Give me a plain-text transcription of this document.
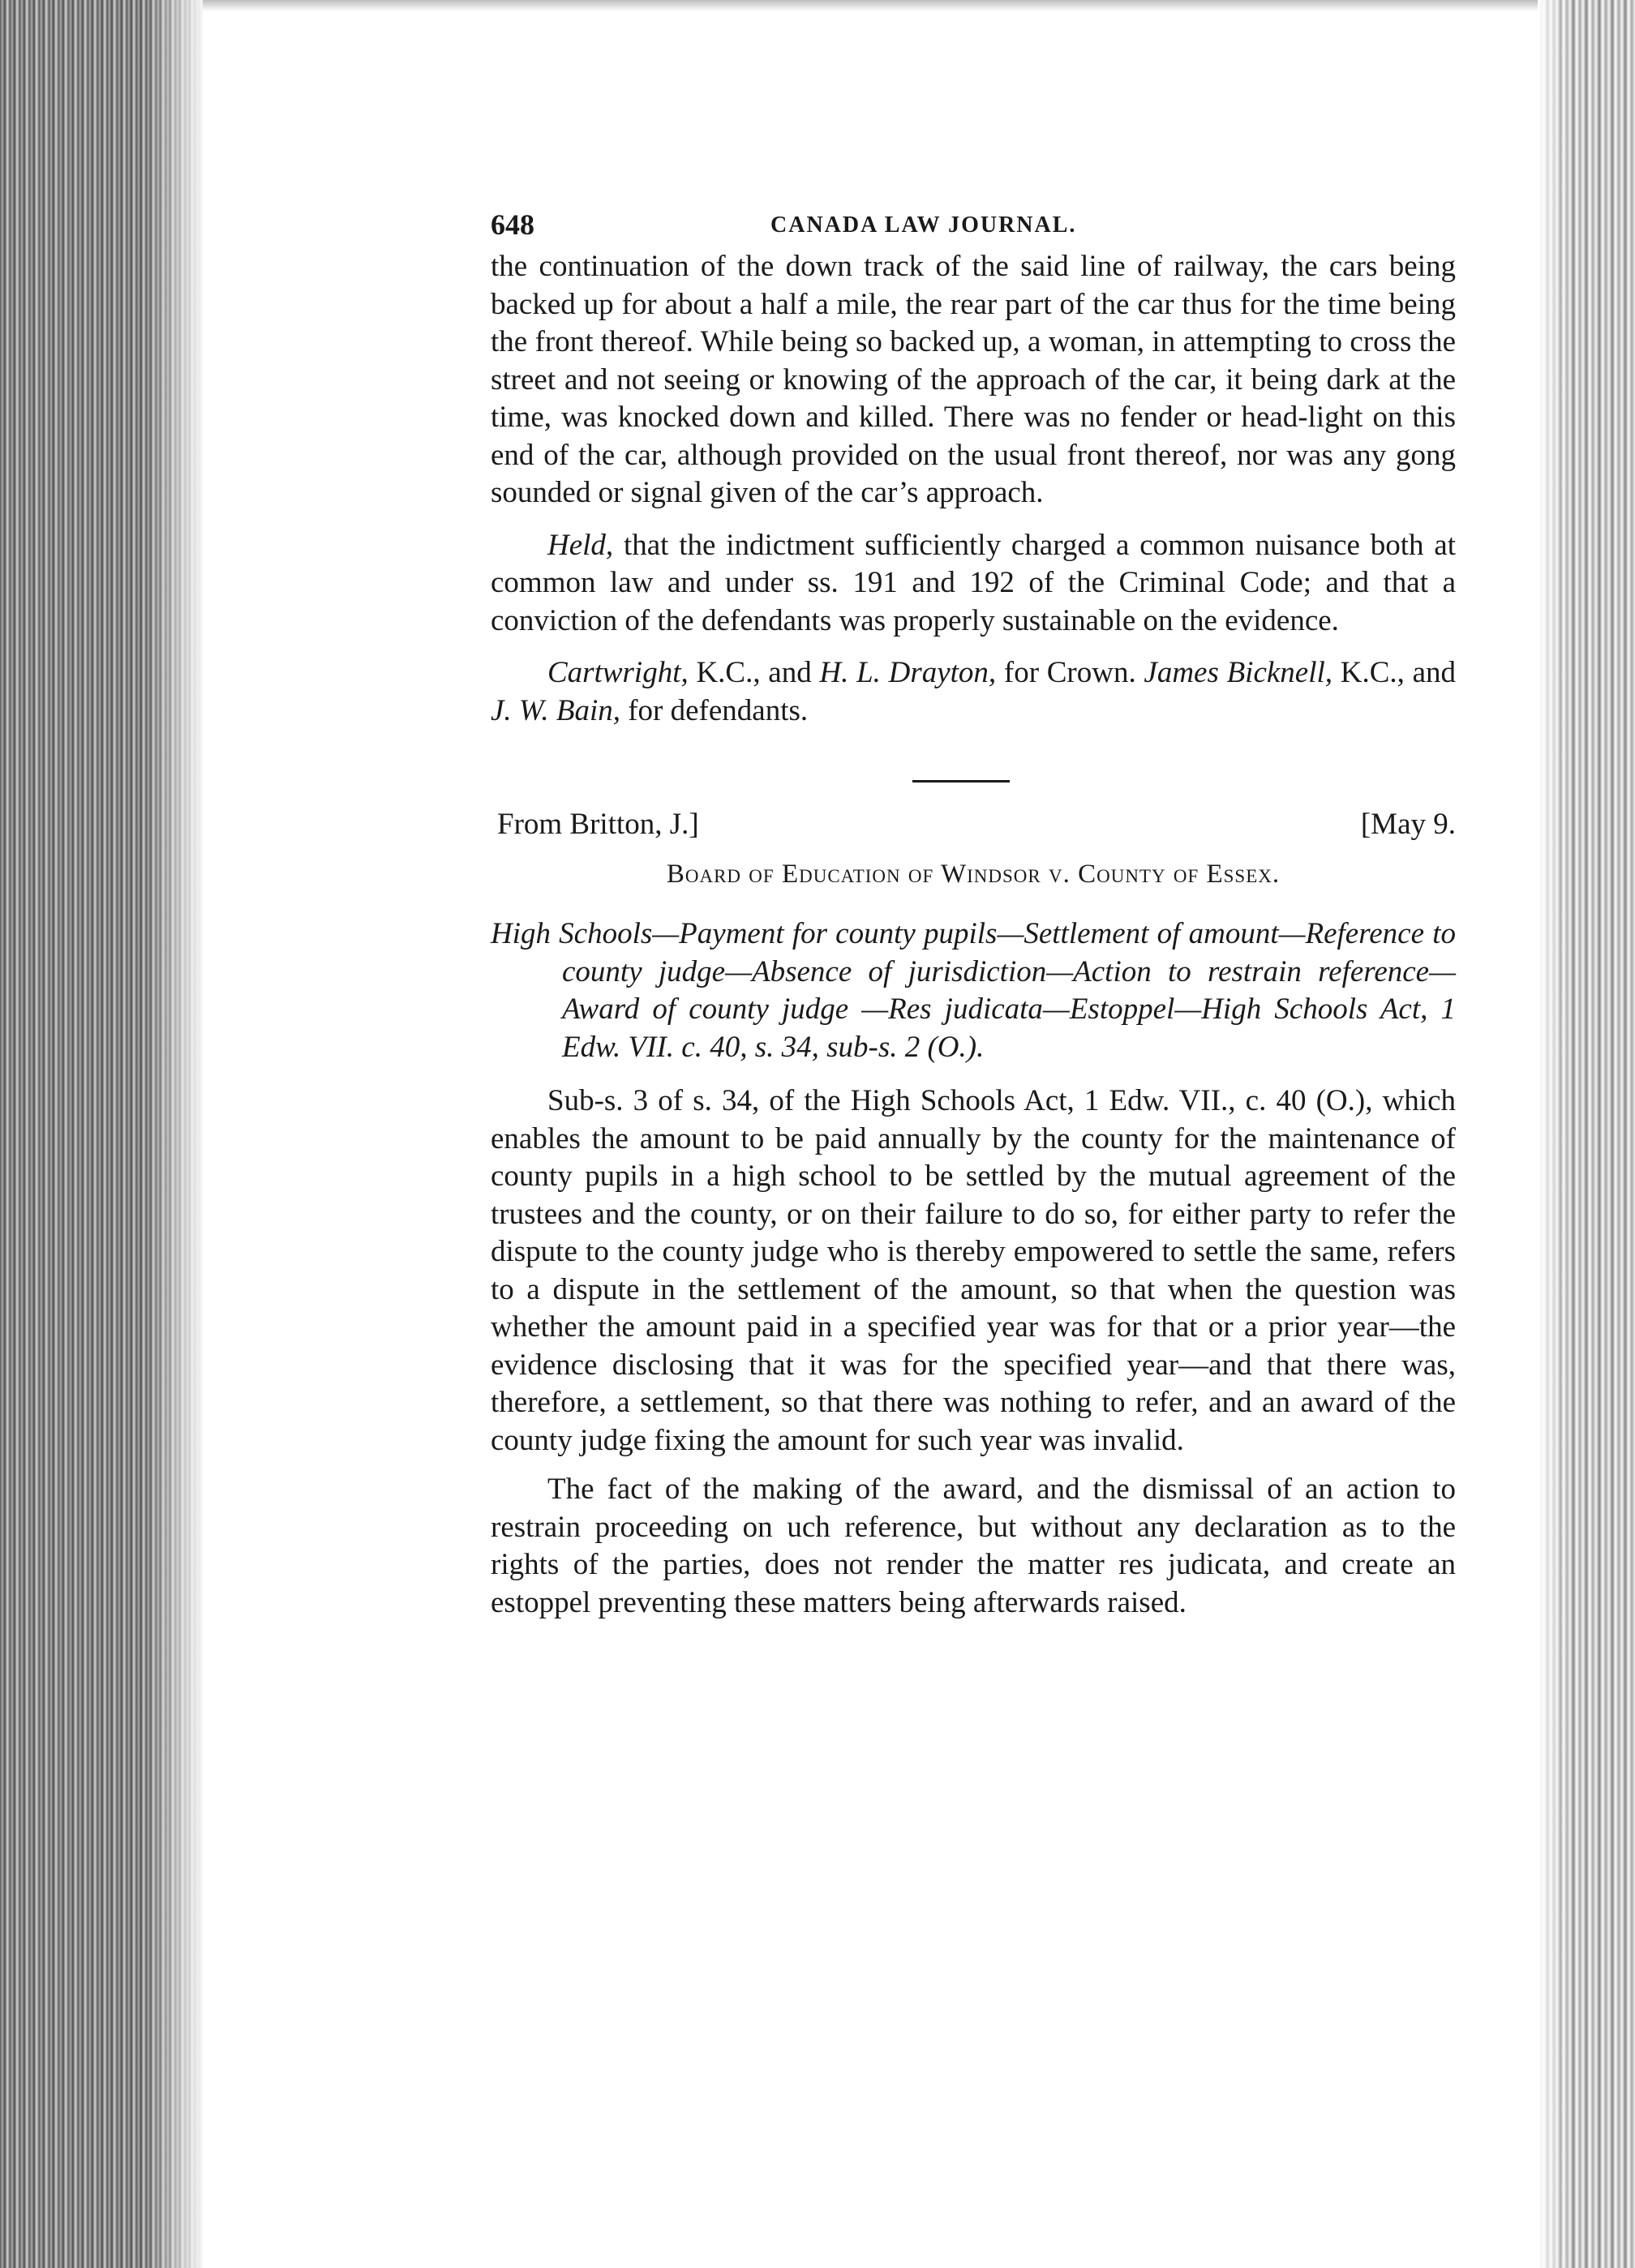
648	CANADA LAW JOURNAL.

the continuation of the down track of the said line of railway, the cars being backed up for about a half a mile, the rear part of the car thus for the time being the front thereof. While being so backed up, a woman, in attempting to cross the street and not seeing or knowing of the approach of the car, it being dark at the time, was knocked down and killed. There was no fender or head-light on this end of the car, although provided on the usual front thereof, nor was any gong sounded or signal given of the car’s approach.

Held, that the indictment sufficiently charged a common nuisance both at common law and under ss. 191 and 192 of the Criminal Code; and that a conviction of the defendants was properly sustainable on the evidence.

Cartwright, K.C., and H. L. Drayton, for Crown. James Bicknell, K.C., and J. W. Bain, for defendants.

From Britton, J.]	[May 9.
Board of Education of Windsor v. County of Essex.
High Schools—Payment for county pupils—Settlement of amount—Reference to county judge—Absence of jurisdiction—Action to restrain reference—Award of county judge —Res judicata—Estoppel—High Schools Act, 1 Edw. VII. c. 40, s. 34, sub-s. 2 (O.).

Sub-s. 3 of s. 34, of the High Schools Act, 1 Edw. VII., c. 40 (O.), which enables the amount to be paid annually by the county for the maintenance of county pupils in a high school to be settled by the mutual agreement of the trustees and the county, or on their failure to do so, for either party to refer the dispute to the county judge who is thereby empowered to settle the same, refers to a dispute in the settlement of the amount, so that when the question was whether the amount paid in a specified year was for that or a prior year—the evidence disclosing that it was for the specified year—and that there was, therefore, a settlement, so that there was nothing to refer, and an award of the county judge fixing the amount for such year was invalid.

The fact of the making of the award, and the dismissal of an action to restrain proceeding on uch reference, but without any declaration as to the rights of the parties, does not render the matter res judicata, and create an estoppel preventing these matters being afterwards raised.
